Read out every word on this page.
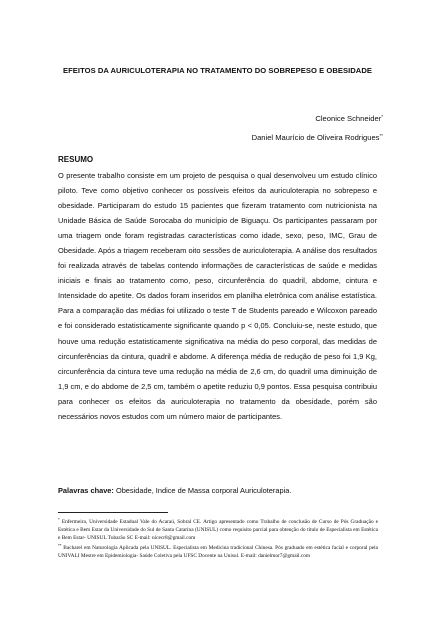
EFEITOS DA AURICULOTERAPIA NO TRATAMENTO DO SOBREPESO E OBESIDADE
Cleonice Schneider*
Daniel Maurício de Oliveira Rodrigues**
RESUMO
O presente trabalho consiste em um projeto de pesquisa o qual desenvolveu um estudo clínico piloto. Teve como objetivo conhecer os possíveis efeitos da auriculoterapia no sobrepeso e obesidade. Participaram do estudo 15 pacientes que fizeram tratamento com nutricionista na Unidade Básica de Saúde Sorocaba do município de Biguaçu. Os participantes passaram por uma triagem onde foram registradas características como idade, sexo, peso, IMC, Grau de Obesidade. Após a triagem receberam oito sessões de auriculoterapia. A análise dos resultados foi realizada através de tabelas contendo informações de características de saúde e medidas iniciais e finais ao tratamento como, peso, circunferência do quadril, abdome, cintura e Intensidade do apetite. Os dados foram inseridos em planilha eletrônica com análise estatística. Para a comparação das médias foi utilizado o teste T de Students pareado e Wilcoxon pareado e foi considerado estatisticamente significante quando p < 0,05. Concluiu-se, neste estudo, que houve uma redução estatisticamente significativa na média do peso corporal, das medidas de circunferências da cintura, quadril e abdome. A diferença média de redução de peso foi 1,9 Kg, circunferência da cintura teve uma redução na média de 2,6 cm, do quadril uma diminuição de 1,9 cm, e do abdome de 2,5 cm, também o apetite reduziu 0,9 pontos. Essa pesquisa contribuiu para conhecer os efeitos da auriculoterapia no tratamento da obesidade, porém são necessários novos estudos com um número maior de participantes.
Palavras chave: Obesidade, Indice de Massa corporal Auriculoterapia.

* Enfermeira, Universidade Estadual Vale do Acaraú, Sobral CE. Artigo apresentado como Trabalho de conclusão de Curso de Pós Graduação e Estética e Bem Estar da Universidade do Sul de Santa Catarina (UNISUL) como requisito parcial para obtenção do título de Especialista em Estética e Bem Estar- UNISUL Tubarão SC E-mail: nicecr8@gmail.com

** Bacharel em Naturologia Aplicada pela UNISUL. Especialista em Medicina tradicional Chinesa. Pós graduado em estética facial e corporal pela UNIVALI Mestre em Epidemiologia- Saúde Coletiva pela UFSC Docente na Unisul. E-mail: danielmor7@gmail.com
